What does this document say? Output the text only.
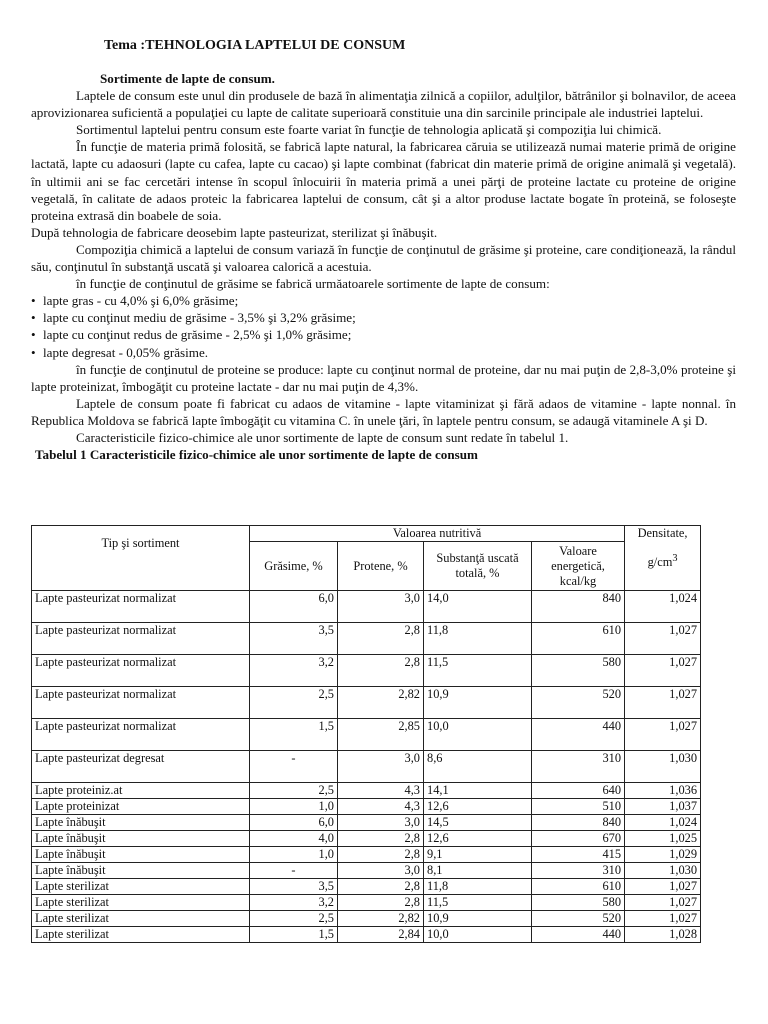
Tema :TEHNOLOGIA LAPTELUI DE CONSUM

Sortimente de lapte de consum.

Laptele de consum este unul din produsele de bază în alimentaţia zilnică a copiilor, adulţilor, bătrânilor şi bolnavilor, de aceea aprovizionarea suficientă a populaţiei cu lapte de calitate superioară constituie una din sarcinile principale ale industriei laptelui.

Sortimentul laptelui pentru consum este foarte variat în funcţie de tehnologia aplicată şi compoziţia lui chimică.

În funcţie de materia primă folosită, se fabrică lapte natural, la fabricarea căruia se utilizează numai materie primă de origine lactată, lapte cu adaosuri (lapte cu cafea, lapte cu cacao) şi lapte combinat (fabricat din materie primă de origine animală şi vegetală). în ultimii ani se fac cercetări intense în scopul înlocuirii în materia primă a unei părţi de proteine lactate cu proteine de origine vegetală, în calitate de adaos proteic la fabricarea laptelui de consum, cât şi a altor produse lactate bogate în proteină, se foloseşte proteina extrasă din boabele de soia.

După tehnologia de fabricare deosebim lapte pasteurizat, sterilizat şi înăbuşit.

Compoziţia chimică a laptelui de consum variază în funcţie de conţinutul de grăsime şi proteine, care condiţionează, la rândul său, conţinutul în substanţă uscată şi valoarea calorică a acestuia.

în funcţie de conţinutul de grăsime se fabrică urmăatoarele sortimente de lapte de consum:

• lapte gras - cu 4,0% şi 6,0% grăsime;
• lapte cu conţinut mediu de grăsime - 3,5% şi 3,2% grăsime;
• lapte cu conţinut redus de grăsime - 2,5% şi 1,0% grăsime;
• lapte degresat - 0,05% grăsime.

în funcţie de conţinutul de proteine se produce: lapte cu conţinut normal de proteine, dar nu mai puţin de 2,8-3,0% proteine şi lapte proteinizat, îmbogăţit cu proteine lactate - dar nu mai puţin de 4,3%.

Laptele de consum poate fi fabricat cu adaos de vitamine - lapte vitaminizat şi fără adaos de vitamine - lapte nonnal. în Republica Moldova se fabrică lapte îmbogăţit cu vitamina C. în unele ţări, în laptele pentru consum, se adaugă vitaminele A şi D.

Caracteristicile fizico-chimice ale unor sortimente de lapte de consum sunt redate în tabelul 1.

Tabelul 1 Caracteristicile fizico-chimice ale unor sortimente de lapte de consum

Tip şi sortiment	Valoarea nutritivă				Densitate,
$g/cm^3$

	Grăsime, %	Protene, %	Substanţă uscată totală, %	Valoare energetică, kcal/kg	
Lapte pasteurizat normalizat	6,0	3,0	14,0	840	1,024
Lapte pasteurizat normalizat	3,5	2,8	11,8	610	1,027
Lapte pasteurizat normalizat	3,2	2,8	11,5	580	1,027
Lapte pasteurizat normalizat	2,5	2,82	10,9	520	1,027
Lapte pasteurizat normalizat	1,5	2,85	10,0	440	1,027
Lapte pasteurizat degresat	-	3,0	8,6	310	1,030
Lapte proteiniz.at	2,5	4,3	14,1	640	1,036
Lapte proteinizat	1,0	4,3	12,6	510	1,037
Lapte înăbuşit	6,0	3,0	14,5	840	1,024
Lapte înăbuşit	4,0	2,8	12,6	670	1,025
Lapte înăbuşit	1,0	2,8	9,1	415	1,029
Lapte înăbuşit	-	3,0	8,1	310	1,030
Lapte sterilizat	3,5	2,8	11,8	610	1,027
Lapte sterilizat	3,2	2,8	11,5	580	1,027
Lapte sterilizat	2,5	2,82	10,9	520	1,027
Lapte sterilizat	1,5	2,84	10,0	440	1,028
